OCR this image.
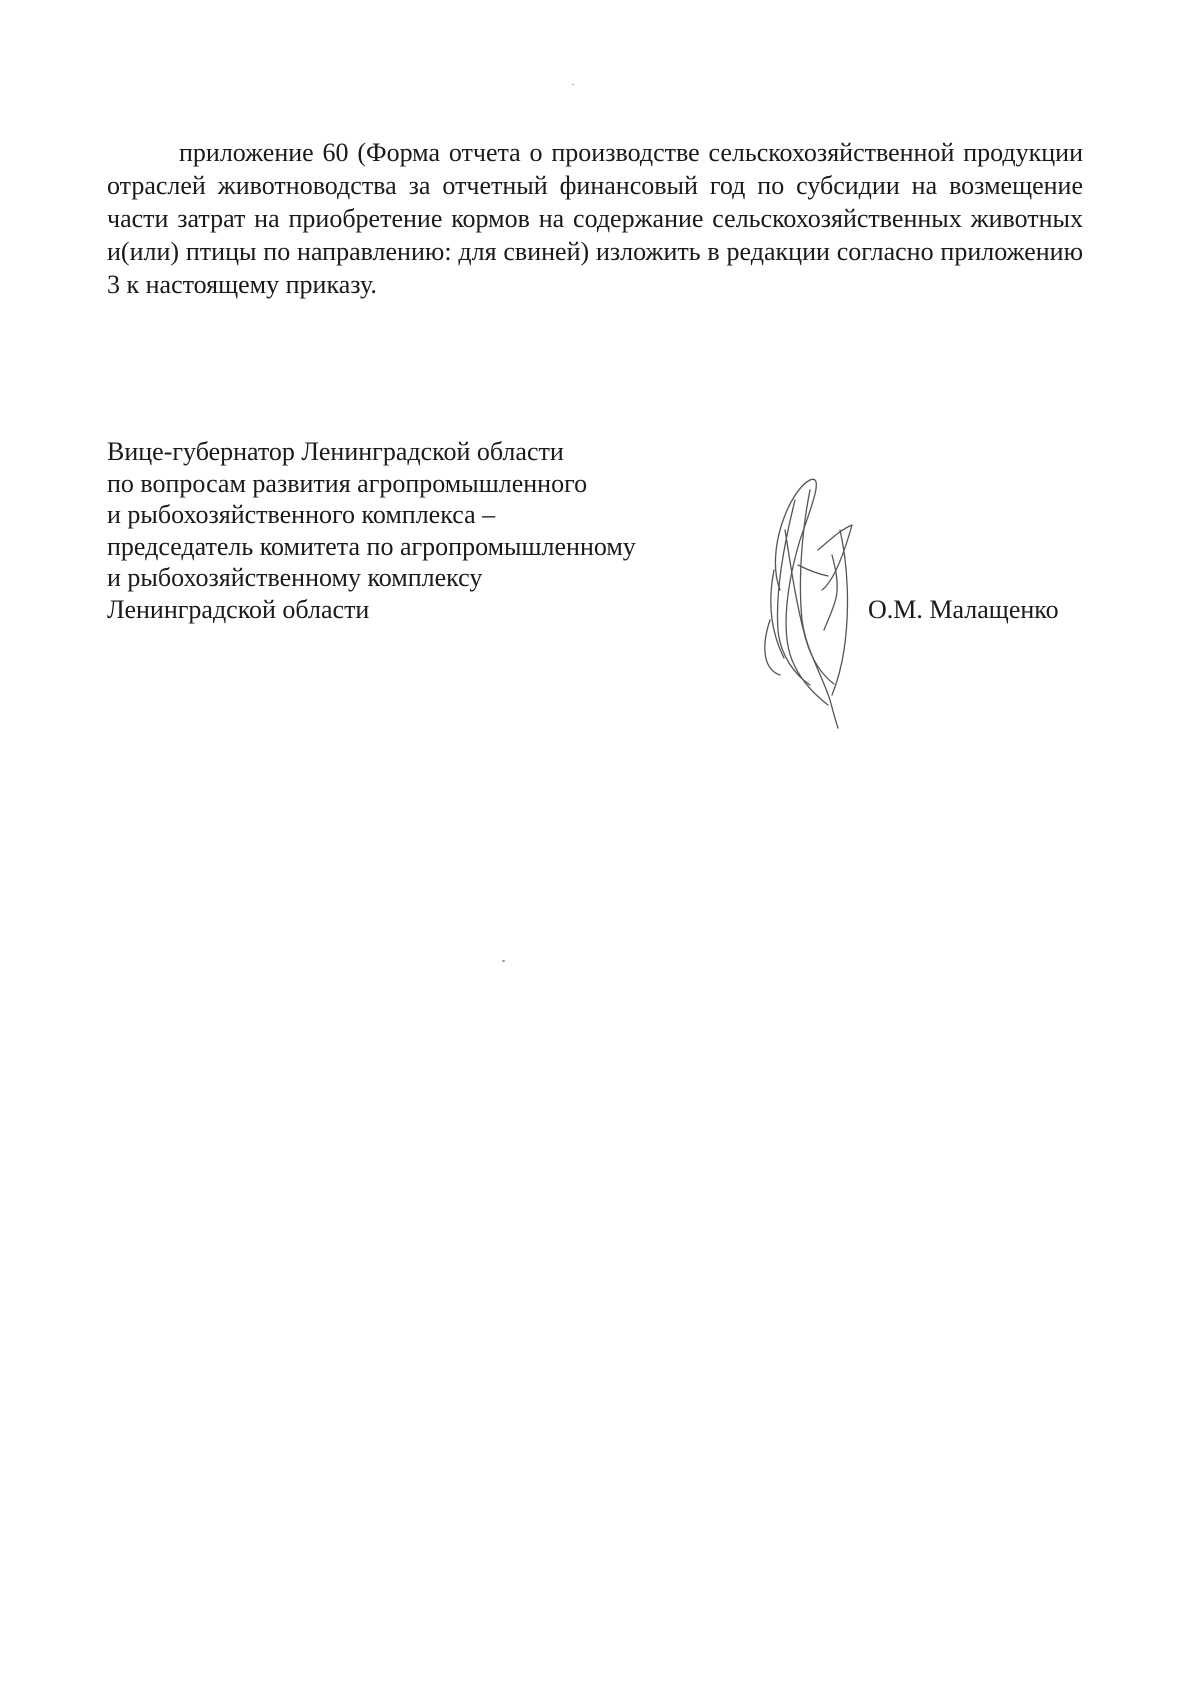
приложение 60 (Форма отчета о производстве сельскохозяйственной продукции отраслей животноводства за отчетный финансовый год по субсидии на возмещение части затрат на приобретение кормов на содержание сельскохозяйственных животных и(или) птицы по направлению: для свиней) изложить в редакции согласно приложению 3 к настоящему приказу.

Вице-губернатор Ленинградской области
по вопросам развития агропромышленного
и рыбохозяйственного комплекса –
председатель комитета по агропромышленному
и рыбохозяйственному комплексу
Ленинградской области	О.М. Малащенко
